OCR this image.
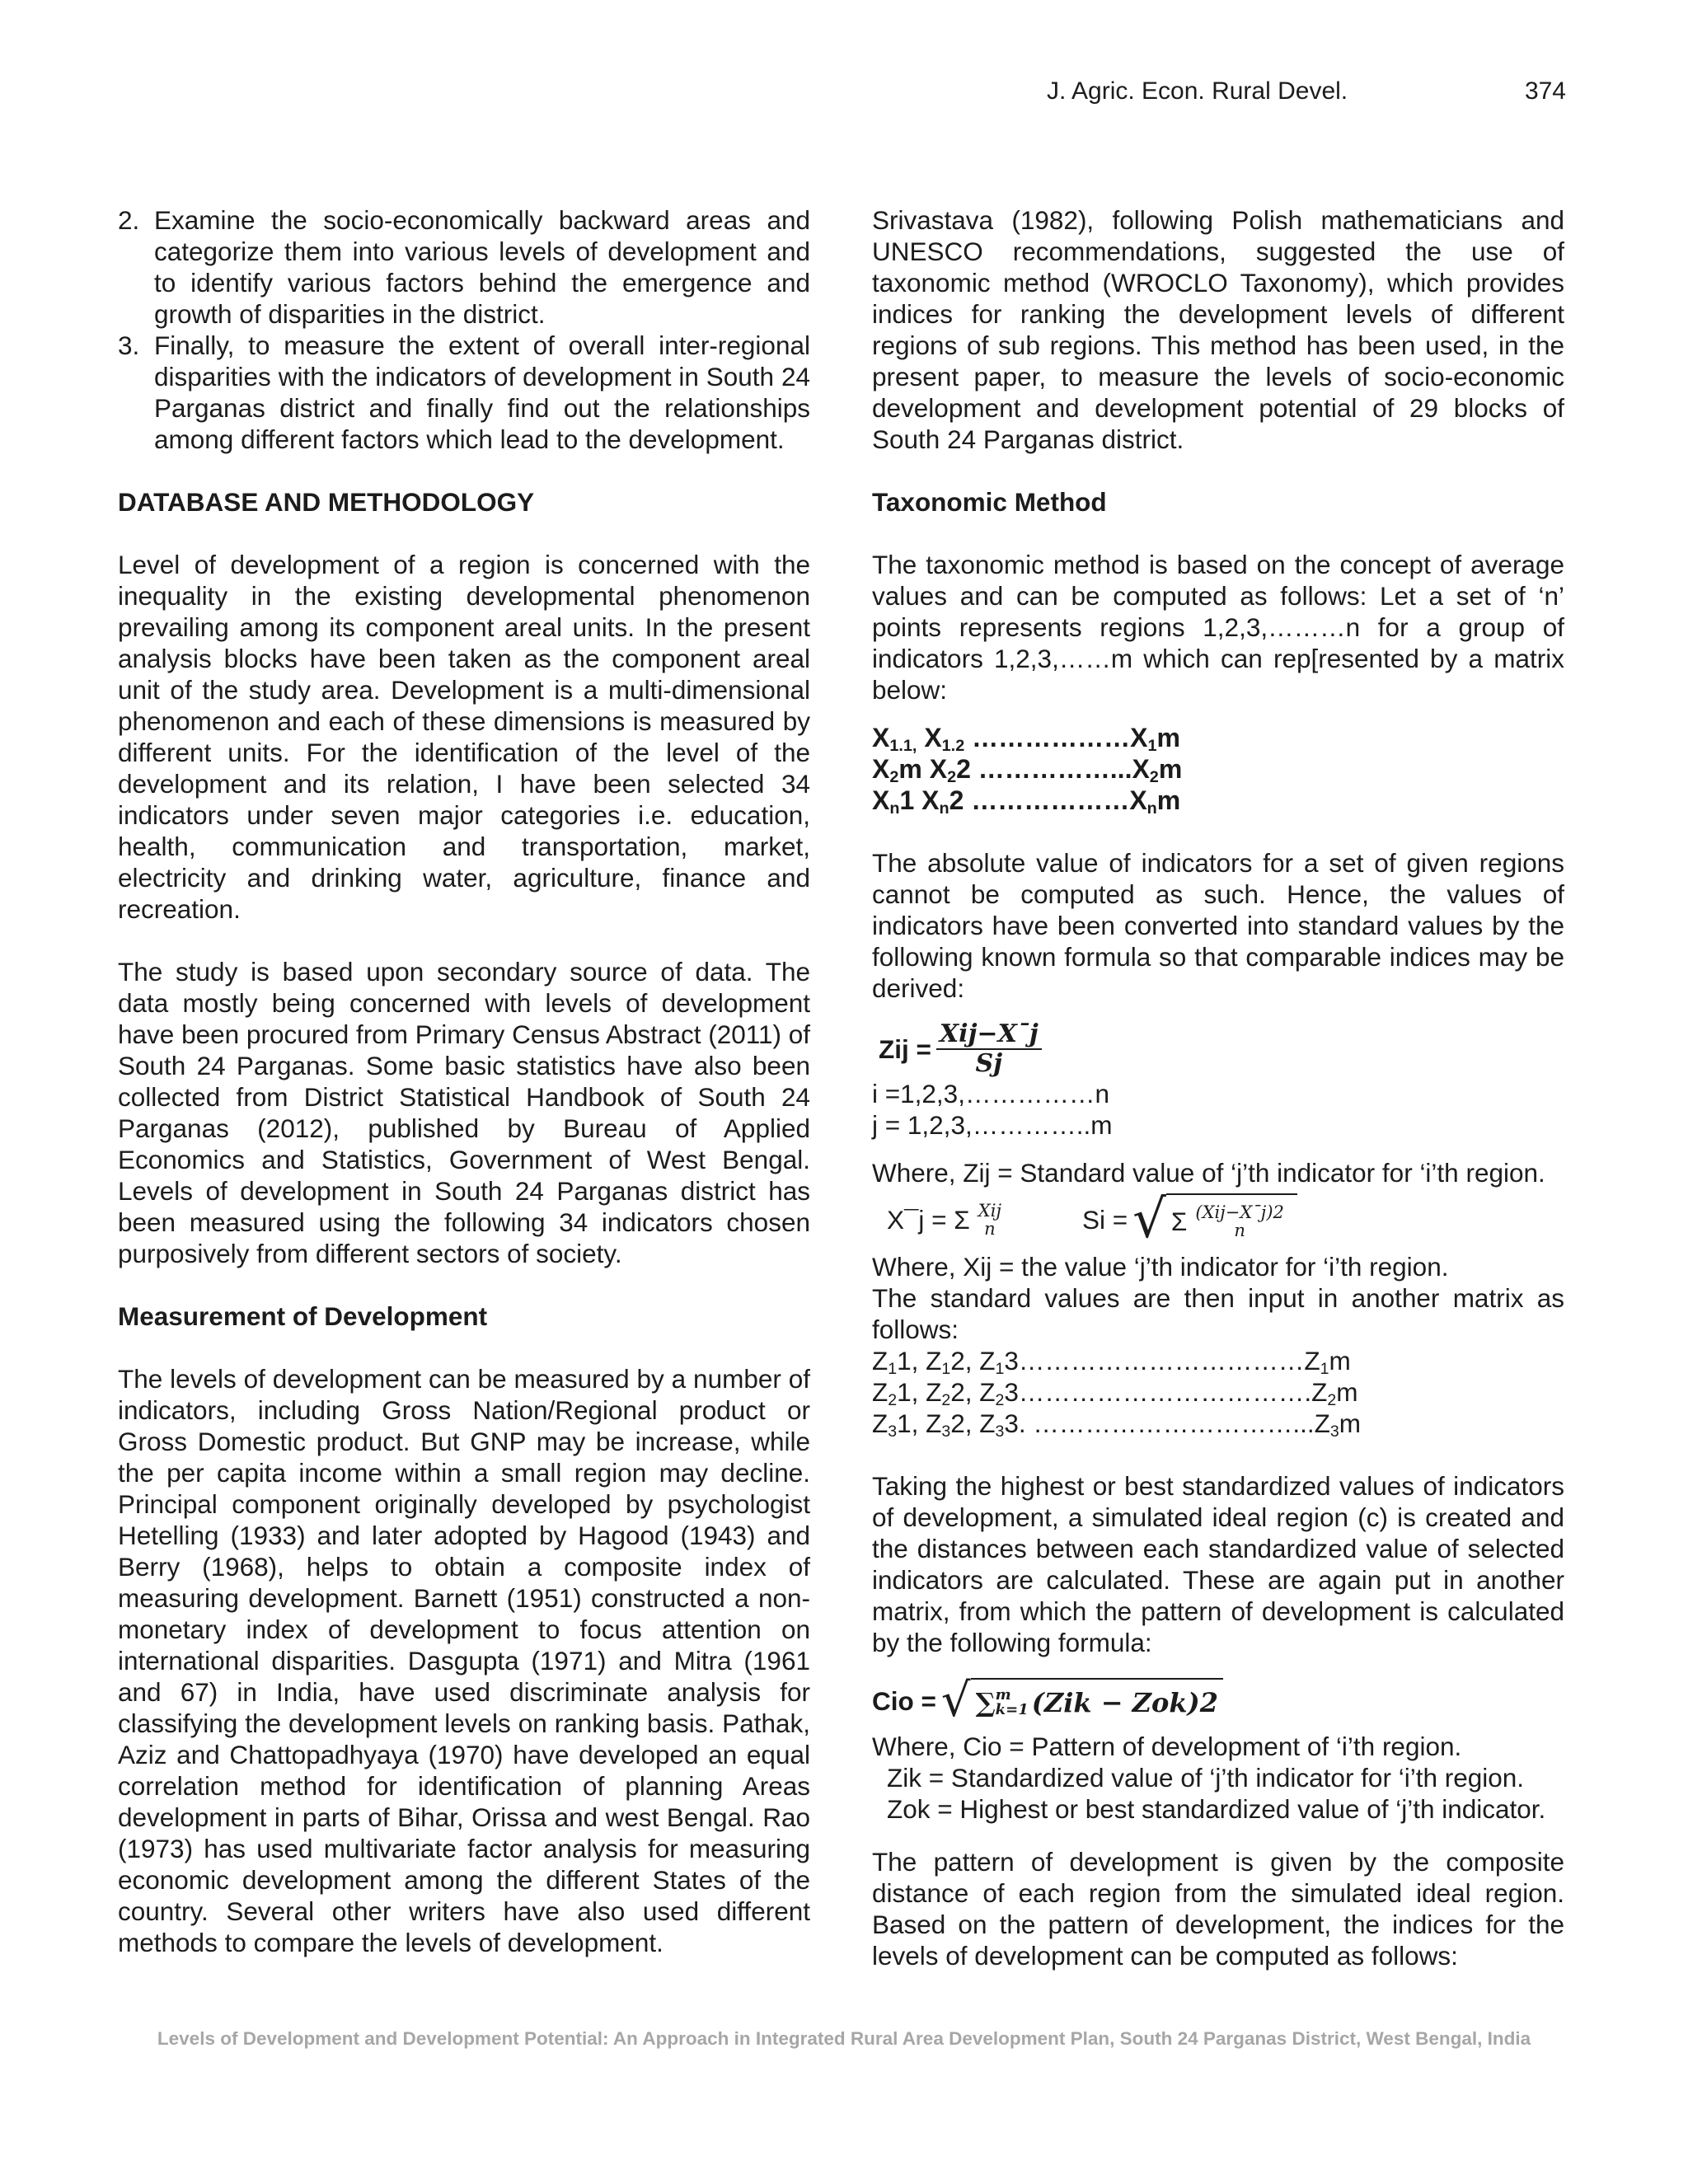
J. Agric. Econ. Rural Devel.	374
2. Examine the socio-economically backward areas and categorize them into various levels of development and to identify various factors behind the emergence and growth of disparities in the district.
3. Finally, to measure the extent of overall inter-regional disparities with the indicators of development in South 24 Parganas district and finally find out the relationships among different factors which lead to the development.
DATABASE AND METHODOLOGY

Level of development of a region is concerned with the inequality in the existing developmental phenomenon prevailing among its component areal units. In the present analysis blocks have been taken as the component areal unit of the study area. Development is a multi-dimensional phenomenon and each of these dimensions is measured by different units. For the identification of the level of the development and its relation, I have been selected 34 indicators under seven major categories i.e. education, health, communication and transportation, market, electricity and drinking water, agriculture, finance and recreation.

The study is based upon secondary source of data. The data mostly being concerned with levels of development have been procured from Primary Census Abstract (2011) of South 24 Parganas. Some basic statistics have also been collected from District Statistical Handbook of South 24 Parganas (2012), published by Bureau of Applied Economics and Statistics, Government of West Bengal. Levels of development in South 24 Parganas district has been measured using the following 34 indicators chosen purposively from different sectors of society.

Measurement of Development

The levels of development can be measured by a number of indicators, including Gross Nation/Regional product or Gross Domestic product. But GNP may be increase, while the per capita income within a small region may decline. Principal component originally developed by psychologist Hetelling (1933) and later adopted by Hagood (1943) and Berry (1968), helps to obtain a composite index of measuring development. Barnett (1951) constructed a non-monetary index of development to focus attention on international disparities. Dasgupta (1971) and Mitra (1961 and 67) in India, have used discriminate analysis for classifying the development levels on ranking basis. Pathak, Aziz and Chattopadhyaya (1970) have developed an equal correlation method for identification of planning Areas development in parts of Bihar, Orissa and west Bengal. Rao (1973) has used multivariate factor analysis for measuring economic development among the different States of the country. Several other writers have also used different methods to compare the levels of development.

Srivastava (1982), following Polish mathematicians and UNESCO recommendations, suggested the use of taxonomic method (WROCLO Taxonomy), which provides indices for ranking the development levels of different regions of sub regions. This method has been used, in the present paper, to measure the levels of socio-economic development and development potential of 29 blocks of South 24 Parganas district.

Taxonomic Method

The taxonomic method is based on the concept of average values and can be computed as follows: Let a set of ‘n’ points represents regions 1,2,3,………n for a group of indicators 1,2,3,……m which can rep[resented by a matrix below:

$X_{1.1,}$ $X_{1.2}$ $\dots\dots\dots\dots\dots\dots X_1m$
$X_2m$ $X_22$ $\dots\dots\dots\dots\dots...X_2m$
$X_n1$ $X_n2$ $\dots\dots\dots\dots\dots\dots X_nm$

The absolute value of indicators for a set of given regions cannot be computed as such. Hence, the values of indicators have been converted into standard values by the following known formula so that comparable indices may be derived:

Zij = $\frac{\text{Xij−X¯j}}{Sj}$
i =1,2,3,……………n
j = 1,2,3,…………..m
Where, Zij = Standard value of ‘j’th indicator for ‘i’th region.
X¯j = Σ Xij
n	Si = √ Σ (Xij−X¯j)2
n
Where, Xij = the value ‘j’th indicator for ‘i’th region.

The standard values are then input in another matrix as follows:

$Z_11$, $Z_12$, $Z_13\dots\dots\dots\dots\dots\dots\dots\dots\dots\dots\dots Z_1m$
$Z_21$, $Z_22$, $Z_23\dots\dots\dots\dots\dots\dots\dots\dots\dots\dots\dots.Z_2m$
$Z_31$, $Z_32$, $Z_33$. $\dots\dots\dots\dots\dots\dots\dots\dots\dots\dots...Z_3m$

Taking the highest or best standardized values of indicators of development, a simulated ideal region (c) is created and the distances between each standardized value of selected indicators are calculated. These are again put in another matrix, from which the pattern of development is calculated by the following formula:

Cio = √ ∑ m
k=1 (Zik − Zok)2
Where, Cio = Pattern of development of ‘i’th region.
Zik = Standardized value of ‘j’th indicator for ‘i’th region.
Zok = Highest or best standardized value of ‘j’th indicator.

The pattern of development is given by the composite distance of each region from the simulated ideal region. Based on the pattern of development, the indices for the levels of development can be computed as follows:

Levels of Development and Development Potential: An Approach in Integrated Rural Area Development Plan, South 24 Parganas District, West Bengal, India
